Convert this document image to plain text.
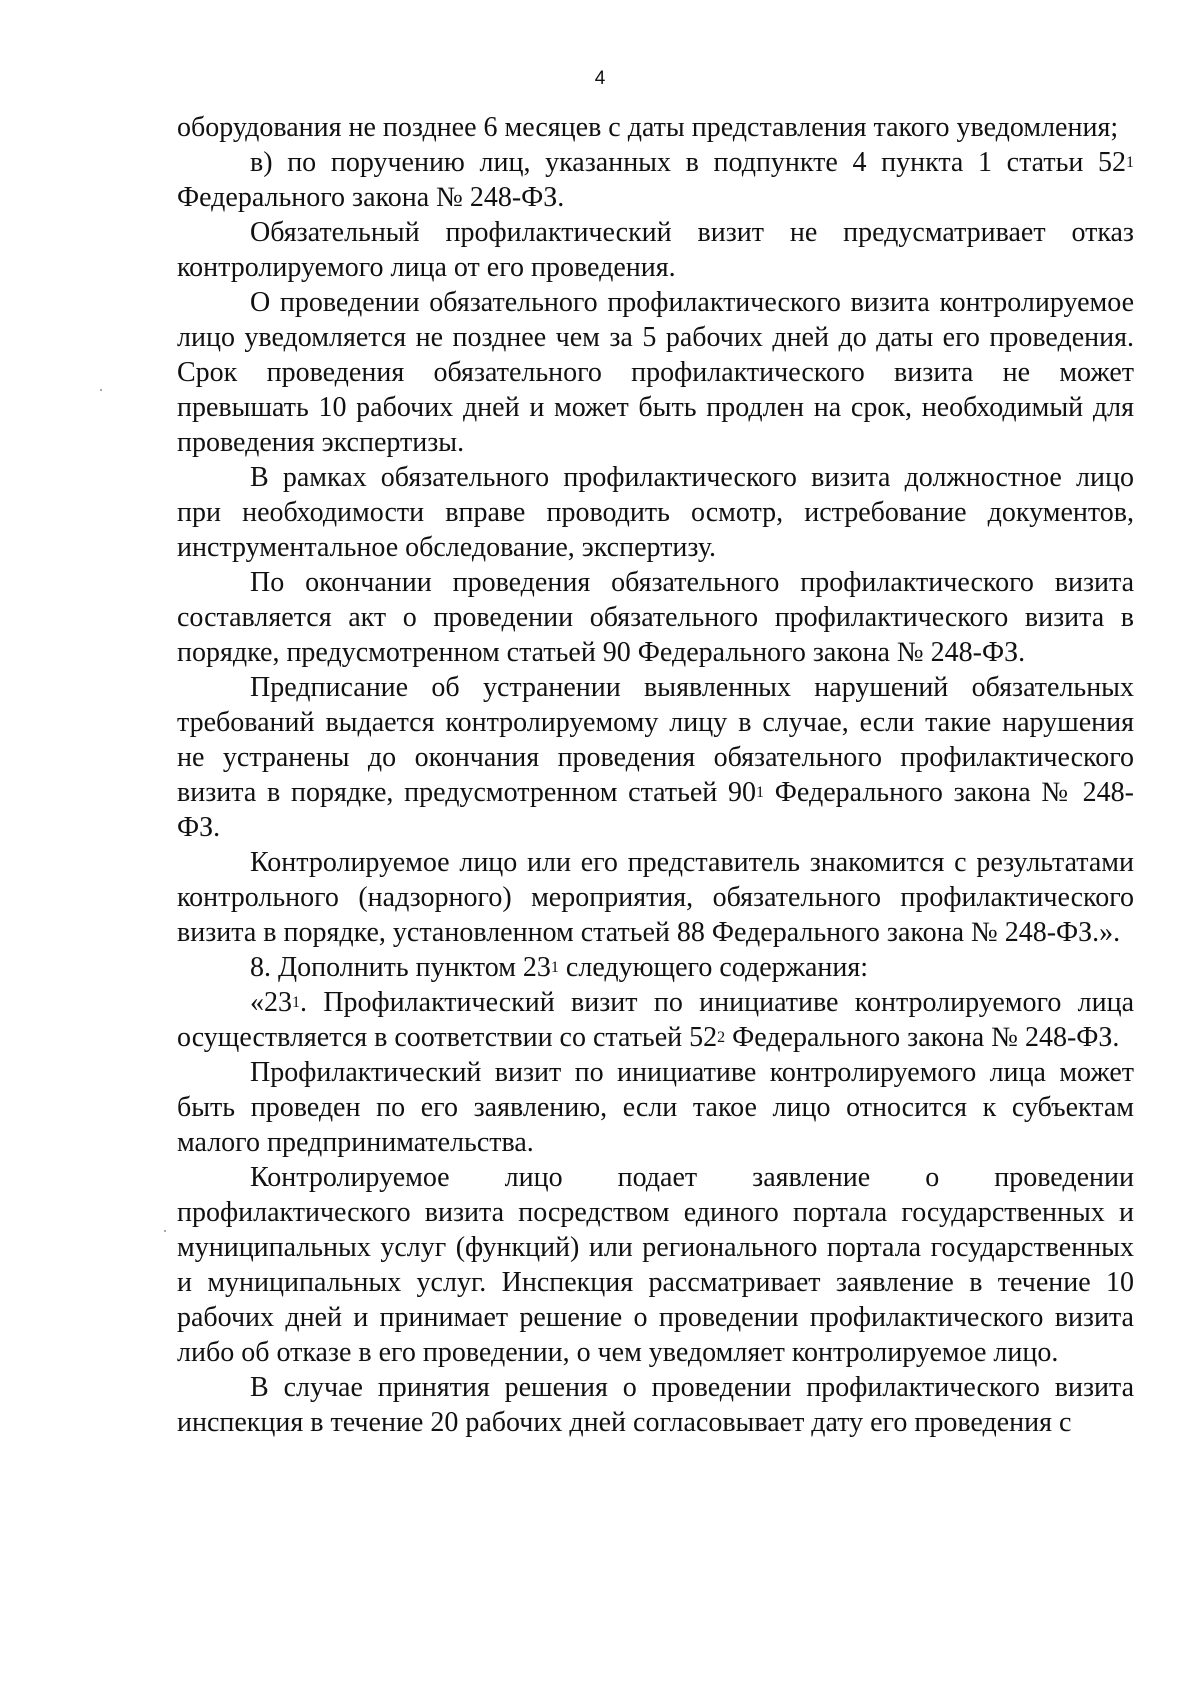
4

оборудования не позднее 6 месяцев с даты представления такого уведомления;

в) по поручению лиц, указанных в подпункте 4 пункта 1 статьи $52^1$ Федерального закона № 248-ФЗ.

Обязательный профилактический визит не предусматривает отказ контролируемого лица от его проведения.

О проведении обязательного профилактического визита контролируемое лицо уведомляется не позднее чем за 5 рабочих дней до даты его проведения. Срок проведения обязательного профилактического визита не может превышать 10 рабочих дней и может быть продлен на срок, необходимый для проведения экспертизы.

В рамках обязательного профилактического визита должностное лицо при необходимости вправе проводить осмотр, истребование документов, инструментальное обследование, экспертизу.

По окончании проведения обязательного профилактического визита составляется акт о проведении обязательного профилактического визита в порядке, предусмотренном статьей 90 Федерального закона № 248-ФЗ.

Предписание об устранении выявленных нарушений обязательных требований выдается контролируемому лицу в случае, если такие нарушения не устранены до окончания проведения обязательного профилактического визита в порядке, предусмотренном статьей $90^1$ Федерального закона № 248-ФЗ.

Контролируемое лицо или его представитель знакомится с результатами контрольного (надзорного) мероприятия, обязательного профилактического визита в порядке, установленном статьей 88 Федерального закона № 248-ФЗ.».

8. Дополнить пунктом $23^1$ следующего содержания:

«$23^1$. Профилактический визит по инициативе контролируемого лица осуществляется в соответствии со статьей $52^2$ Федерального закона № 248-ФЗ.

Профилактический визит по инициативе контролируемого лица может быть проведен по его заявлению, если такое лицо относится к субъектам малого предпринимательства.

Контролируемое лицо подает заявление о проведении профилактического визита посредством единого портала государственных и муниципальных услуг (функций) или регионального портала государственных и муниципальных услуг. Инспекция рассматривает заявление в течение 10 рабочих дней и принимает решение о проведении профилактического визита либо об отказе в его проведении, о чем уведомляет контролируемое лицо.

В случае принятия решения о проведении профилактического визита инспекция в течение 20 рабочих дней согласовывает дату его проведения с
